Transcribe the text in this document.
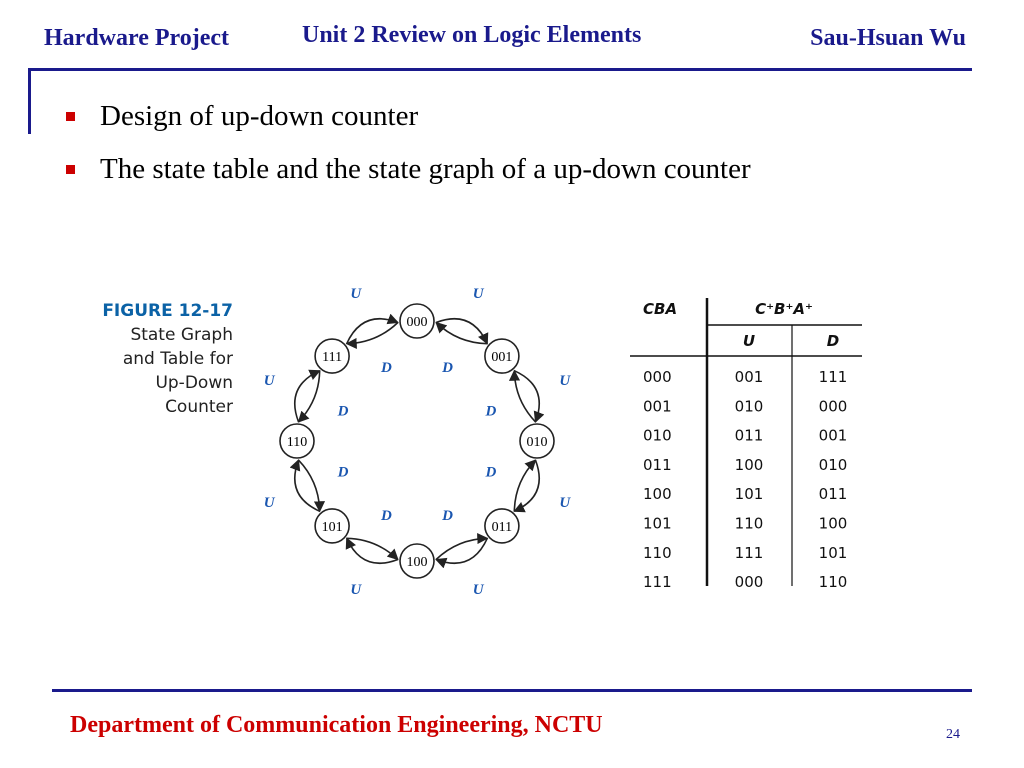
Hardware Project	Unit 2 Review on Logic Elements	Sau-Hsuan Wu
Design of up-down counter
The state table and the state graph of a up-down counter
FIGURE 12-17
State Graph
and Table for
Up-Down
Counter
U
D
U
D
U
D
U
D
U
D
U
D
U
D
U
D
000
001
010
011
100
101
110
111
CBA	C⁺B⁺A⁺
U	D
000	001	111
001	010	000
010	011	001
011	100	010
100	101	011
101	110	100
110	111	101
111	000	110
Department of Communication Engineering, NCTU	24
